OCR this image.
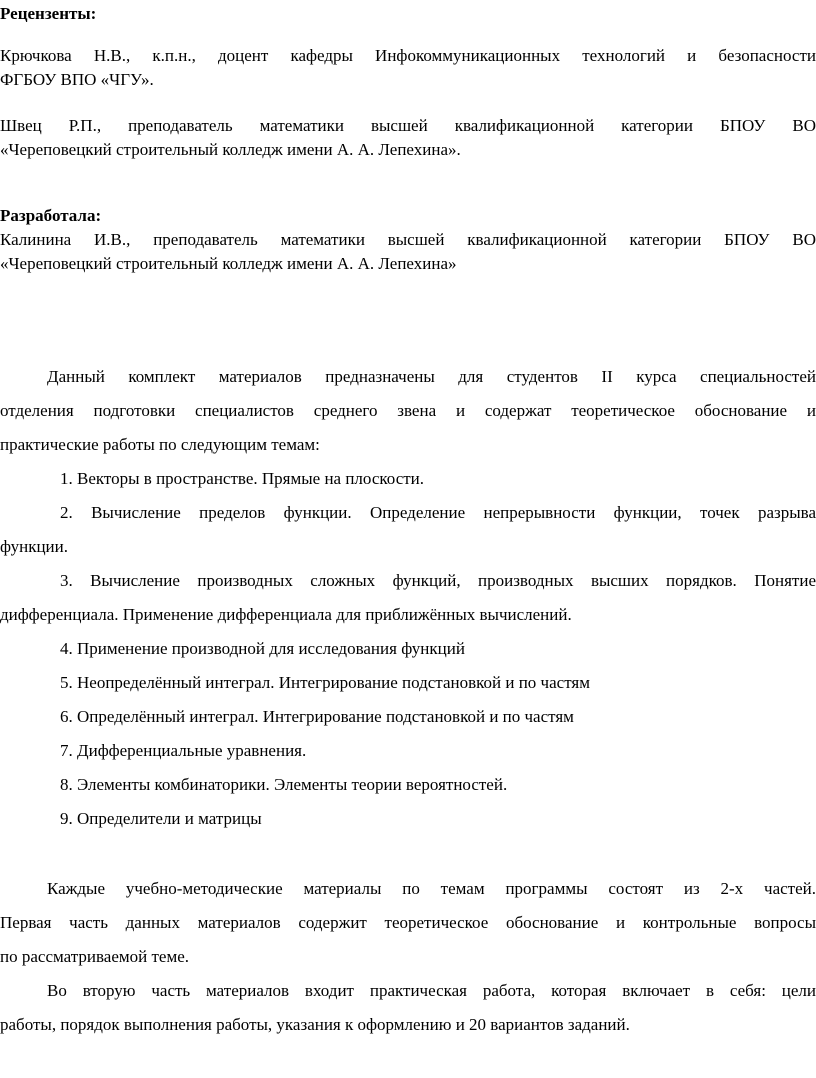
Рецензенты:
Крючкова Н.В., к.п.н., доцент кафедры Инфокоммуникационных технологий и безопасности
ФГБОУ ВПО «ЧГУ».
Швец Р.П., преподаватель математики высшей квалификационной категории БПОУ ВО
«Череповецкий строительный колледж имени А. А. Лепехина».
Разработала:
Калинина И.В., преподаватель математики высшей квалификационной категории БПОУ ВО
«Череповецкий строительный колледж имени А. А. Лепехина»
Данный комплект материалов предназначены для студентов II курса специальностей
отделения подготовки специалистов среднего звена и содержат теоретическое обоснование и
практические работы по следующим темам:
1. Векторы в пространстве. Прямые на плоскости.
2. Вычисление пределов функции. Определение непрерывности функции, точек разрыва
функции.
3. Вычисление производных сложных функций, производных высших порядков. Понятие
дифференциала. Применение дифференциала для приближённых вычислений.
4. Применение производной для исследования функций
5. Неопределённый интеграл. Интегрирование подстановкой и по частям
6. Определённый интеграл. Интегрирование подстановкой и по частям
7. Дифференциальные уравнения.
8. Элементы комбинаторики. Элементы теории вероятностей.
9. Определители и матрицы
Каждые учебно-методические материалы по темам программы состоят из 2-х частей.
Первая часть данных материалов содержит теоретическое обоснование и контрольные вопросы
по рассматриваемой теме.
Во вторую часть материалов входит практическая работа, которая включает в себя: цели
работы, порядок выполнения работы, указания к оформлению и 20 вариантов заданий.
